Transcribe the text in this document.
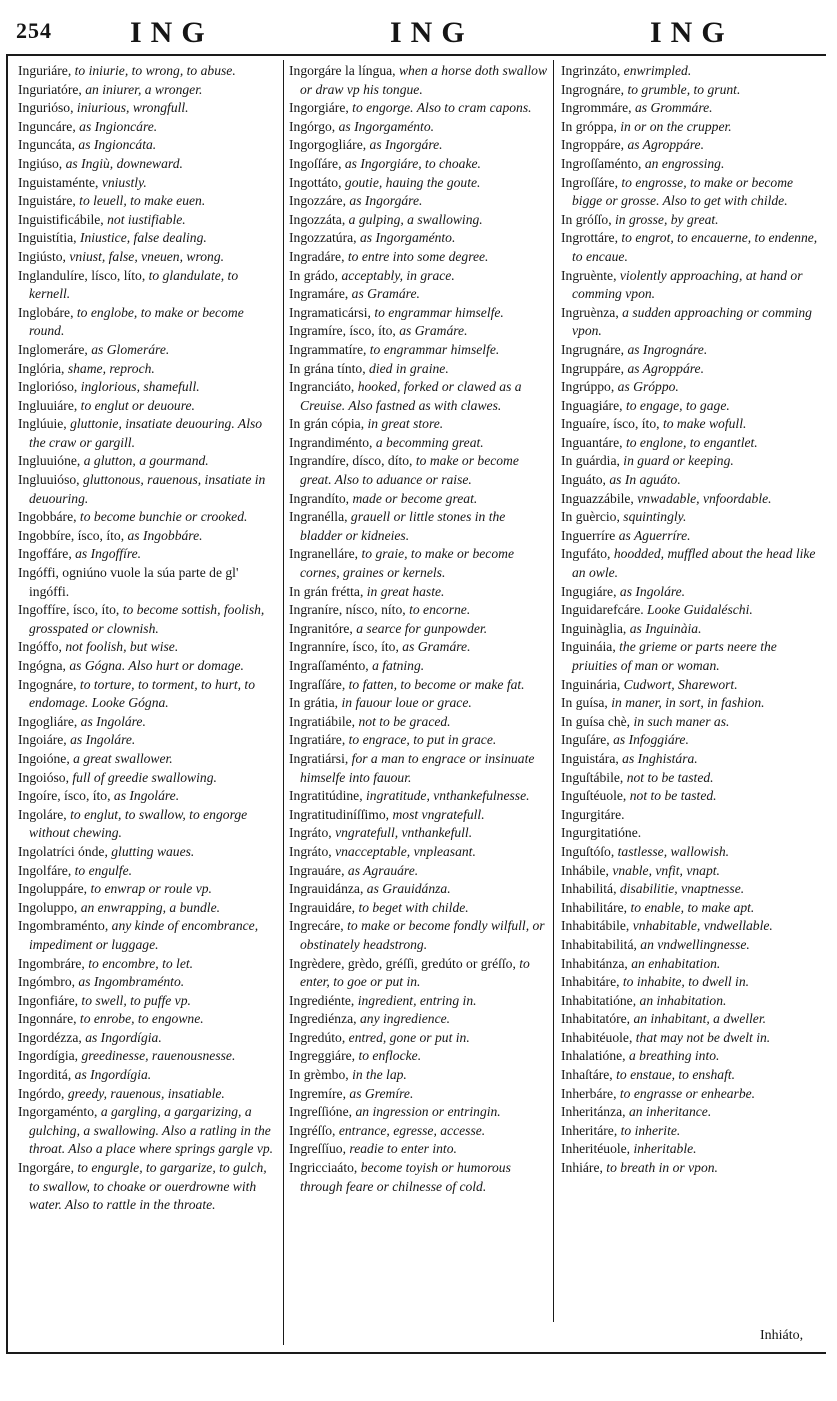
254	ING	ING	ING
Inguriáre, to iniurie, to wrong, to abuse.
Inguriatóre, an iniurer, a wronger.
Inguriósо, iniurious, wrongfull.
Inguncáre, as Ingioncáre.
Inguncáta, as Ingioncáta.
Ingiúso, as Ingiù, downeward.
Inguistaménte, vniustly.
Inguistáre, to leuell, to make euen.
Inguistificábile, not iustifiable.
Inguistítia, Iniustice, false dealing.
Ingiústo, vniust, false, vneuen, wrong.
Inglandulíre, lísco, líto, to glandulate, to kernell.
Inglobáre, to englobe, to make or become round.
Inglomeráre, as Glomeráre.
Inglória, shame, reproch.
Inglorióso, inglorious, shamefull.
Ingluuiáre, to englut or deuoure.
Inglúuie, gluttonie, insatiate deuouring. Also the craw or gargill.
Ingluuióne, a glutton, a gourmand.
Ingluuióso, gluttonous, rauenous, insatiate in deuouring.
Ingobbáre, to become bunchie or crooked.
Ingobbíre, ísco, íto, as Ingobbáre.
Ingoffáre, as Ingoffíre.
Ingóffi, ogniúno vuole la súa parte de gl' ingóffi.
Ingoffíre, ísco, íto, to become sottish, foolish, grosspated or clownish.
Ingóffo, not foolish, but wise.
Ingógna, as Gógna. Also hurt or domage.
Ingognáre, to torture, to torment, to hurt, to endomage. Looke Gógna.
Ingogliáre, as Ingoláre.
Ingoiáre, as Ingoláre.
Ingoióne, a great swallower.
Ingoióso, full of greedie swallowing.
Ingoíre, ísco, íto, as Ingoláre.
Ingoláre, to englut, to swallow, to engorge without chewing.
Ingolatríci ónde, glutting waues.
Ingolfáre, to engulfe.
Ingoluppáre, to enwrap or roule vp.
Ingoluppo, an enwrapping, a bundle.
Ingombraménto, any kinde of encombrance, impediment or luggage.
Ingombráre, to encombre, to let.
Ingómbro, as Ingombraménto.
Ingonfiáre, to swell, to puffe vp.
Ingonnáre, to enrobe, to engowne.
Ingordézza, as Ingordígia.
Ingordígia, greedinesse, rauenousnesse.
Ingorditá, as Ingordígia.
Ingórdo, greedy, rauenous, insatiable.
Ingorgaménto, a gargling, a gargarizing, a gulching, a swallowing. Also a ratling in the throat. Also a place where springs gargle vp.
Ingorgáre, to engurgle, to gargarize, to gulch, to swallow, to choake or ouerdrowne with water. Also to rattle in the throate.
Ingorgáre la língua, when a horse doth swallow or draw vp his tongue.
Ingorgiáre, to engorge. Also to cram capons.
Ingórgo, as Ingorgaménto.
Ingorgogliáre, as Ingorgáre.
Ingoſſáre, as Ingorgiáre, to choake.
Ingottáto, goutie, hauing the goute.
Ingozzáre, as Ingorgáre.
Ingozzáta, a gulping, a swallowing.
Ingozzatúra, as Ingorgaménto.
Ingradáre, to entre into some degree.
In grádo, acceptably, in grace.
Ingramáre, as Gramáre.
Ingramaticársi, to engrammar himselfe.
Ingramíre, ísco, íto, as Gramáre.
Ingrammatíre, to engrammar himselfe.
In grána tínto, died in graine.
Ingranciáto, hooked, forked or clawed as a Creuise. Also fastned as with clawes.
In grán cópia, in great store.
Ingrandiménto, a becomming great.
Ingrandíre, dísco, díto, to make or become great. Also to aduance or raise.
Ingrandíto, made or become great.
Ingranélla, grauell or little stones in the bladder or kidneies.
Ingranelláre, to graie, to make or become cornes, graines or kernels.
In grán frétta, in great haste.
Ingraníre, nísco, níto, to encorne.
Ingranitóre, a searce for gunpowder.
Ingranníre, ísco, íto, as Gramáre.
Ingraſſaménto, a fatning.
Ingraſſáre, to fatten, to become or make fat.
In grátia, in fauour loue or grace.
Ingratiábile, not to be graced.
Ingratiáre, to engrace, to put in grace.
Ingratiársi, for a man to engrace or insinuate himselfe into fauour.
Ingratitúdine, ingratitude, vnthankefulnesse.
Ingratitudiníſſimo, most vngratefull.
Ingráto, vngratefull, vnthankefull.
Ingráto, vnacceptable, vnpleasant.
Ingrauáre, as Agrauáre.
Ingrauidánza, as Grauidánza.
Ingrauidáre, to beget with childe.
Ingrecáre, to make or become fondly wilfull, or obstinately headstrong.
Ingrèdere, grèdo, gréſſi, gredúto or gréſſo, to enter, to goe or put in.
Ingrediénte, ingredient, entring in.
Ingrediénza, any ingredience.
Ingredúto, entred, gone or put in.
Ingreggiáre, to enflocke.
In grèmbo, in the lap.
Ingremíre, as Gremíre.
Ingreſſióne, an ingression or entringin.
Ingréſſo, entrance, egresse, accesse.
Ingreſſíuo, readie to enter into.
Ingricciaáto, become toyish or humorous through feare or chilnesse of cold.
Ingrinzáto, enwrimpled.
Ingrognáre, to grumble, to grunt.
Ingrommáre, as Grommáre.
In gróppa, in or on the crupper.
Ingroppáre, as Agroppáre.
Ingroſſaménto, an engrossing.
Ingroſſáre, to engrosse, to make or become bigge or grosse. Also to get with childe.
In gróſſo, in grosse, by great.
Ingrottáre, to engrot, to encauerne, to endenne, to encaue.
Ingruènte, violently approaching, at hand or comming vpon.
Ingruènza, a sudden approaching or comming vpon.
Ingrugnáre, as Ingrognáre.
Ingruppáre, as Agroppáre.
Ingrúppo, as Gróppo.
Inguagiáre, to engage, to gage.
Inguaíre, ísco, íto, to make wofull.
Inguantáre, to englone, to engantlet.
In guárdia, in guard or keeping.
Inguáto, as In aguáto.
Inguazzábile, vnwadable, vnfoordable.
In guèrcio, squintingly.
Inguerríre as Aguerríre.
Ingufáto, hoodded, muffled about the head like an owle.
Ingugiáre, as Ingoláre.
Inguidarefcáre. Looke Guidaléschi.
Inguinàglia, as Inguinàia.
Inguináia, the grieme or parts neere the priuities of man or woman.
Inguinária, Cudwort, Sharewort.
In guísa, in maner, in sort, in fashion.
In guísa chè, in such maner as.
Inguſáre, as Infoggiáre.
Inguistára, as Inghistára.
Inguſtábile, not to be tasted.
Inguſtéuole, not to be tasted.
Ingurgitáre.
Ingurgitatióne.
Inguſtóſo, tastlesse, wallowish.
Inhábile, vnable, vnfit, vnapt.
Inhabilitá, disabilitie, vnaptnesse.
Inhabilitáre, to enable, to make apt.
Inhabitábile, vnhabitable, vndwellable.
Inhabitabilitá, an vndwellingnesse.
Inhabitánza, an enhabitation.
Inhabitáre, to inhabite, to dwell in.
Inhabitatióne, an inhabitation.
Inhabitatóre, an inhabitant, a dweller.
Inhabitéuole, that may not be dwelt in.
Inhalatióne, a breathing into.
Inhaſtáre, to enstaue, to enshaft.
Inherbáre, to engrasse or enhearbe.
Inheritánza, an inheritance.
Inheritáre, to inherite.
Inheritéuole, inheritable.
Inhiáre, to breath in or vpon.
Inhiáto,
